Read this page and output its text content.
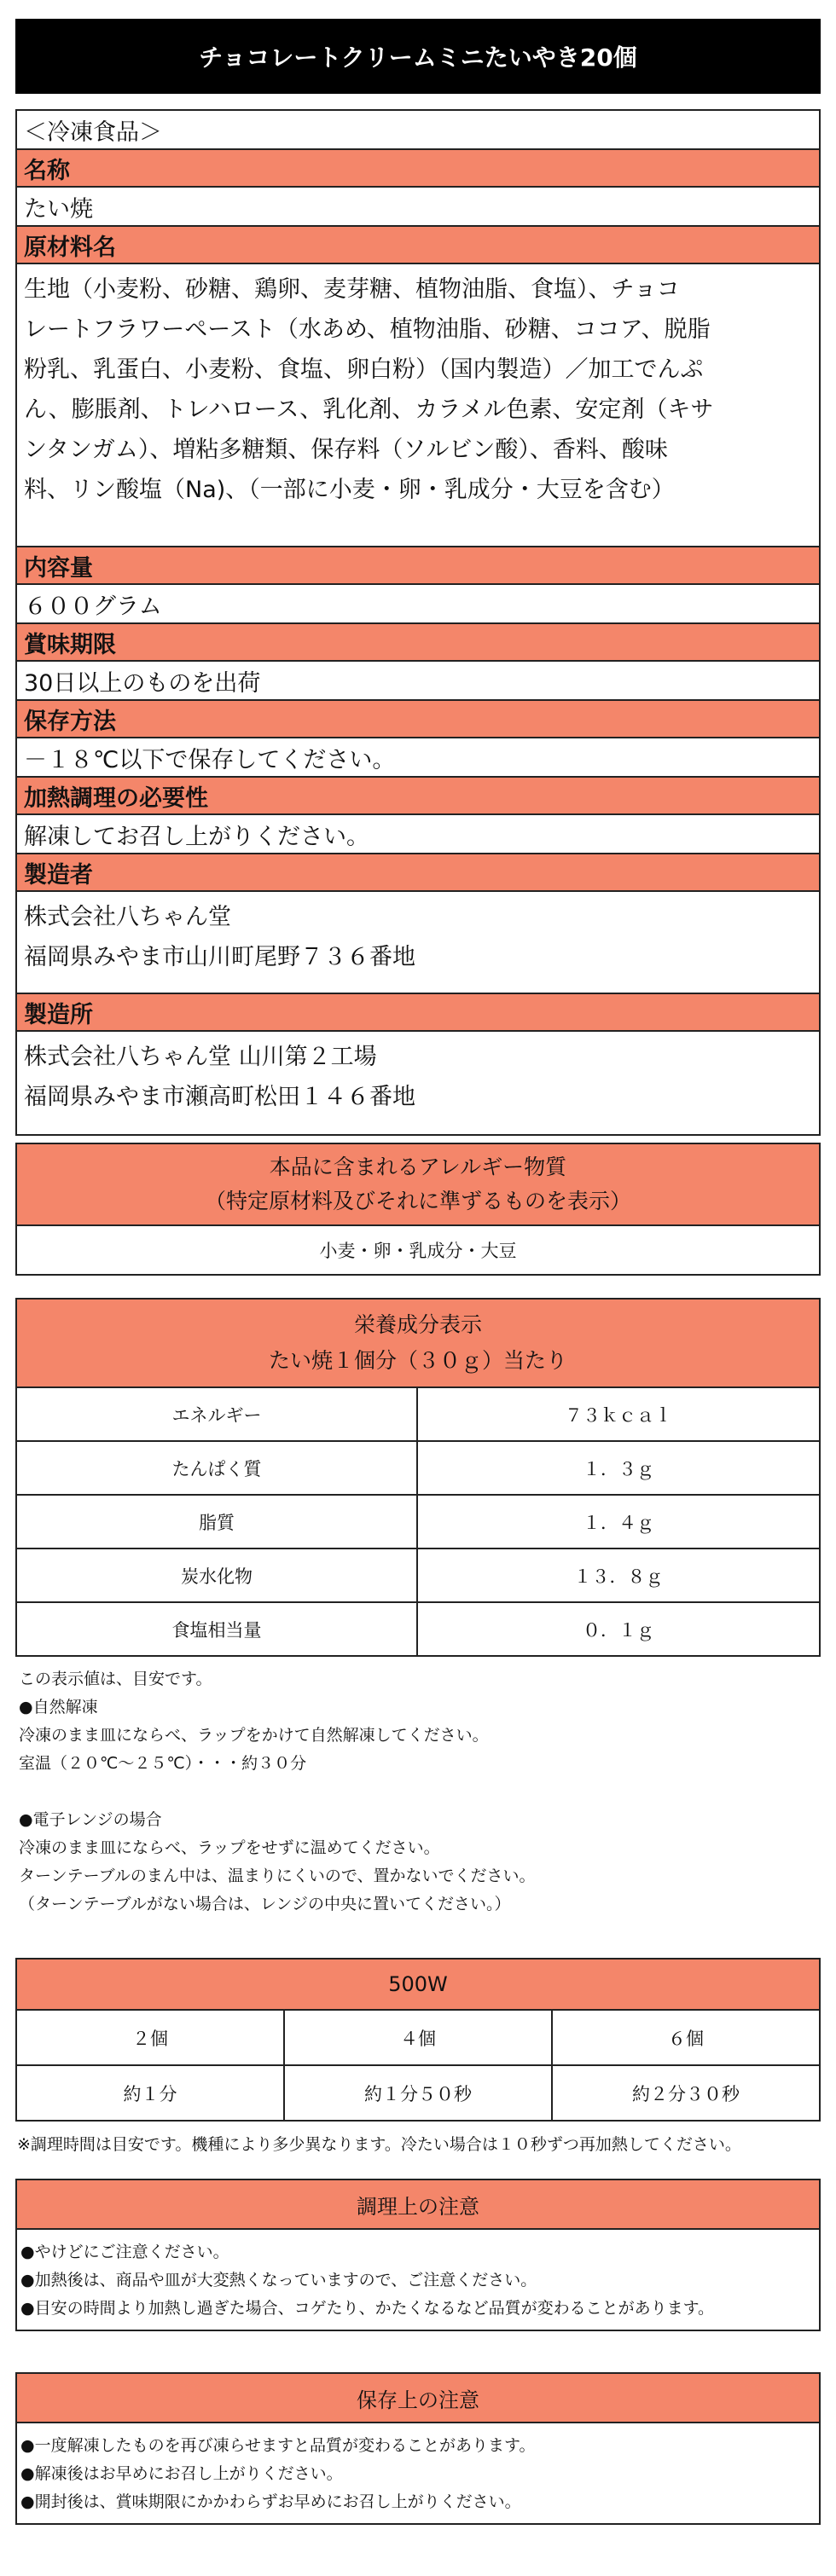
チョコレートクリームミニたいやき20個
＜冷凍食品＞
名称
たい焼
原材料名
生地（小麦粉、砂糖、鶏卵、麦芽糖、植物油脂、食塩）、チョコ
レートフラワーペースト（水あめ、植物油脂、砂糖、ココア、脱脂
粉乳、乳蛋白、小麦粉、食塩、卵白粉）（国内製造）／加工でんぷ
ん、膨脹剤、トレハロース、乳化剤、カラメル色素、安定剤（キサ
ンタンガム）、増粘多糖類、保存料（ソルビン酸）、香料、酸味
料、リン酸塩（Na)、（一部に小麦・卵・乳成分・大豆を含む）
内容量
６００グラム
賞味期限
30日以上のものを出荷
保存方法
－１８℃以下で保存してください。
加熱調理の必要性
解凍してお召し上がりください。
製造者
株式会社八ちゃん堂
福岡県みやま市山川町尾野７３６番地
製造所
株式会社八ちゃん堂 山川第２工場
福岡県みやま市瀬高町松田１４６番地
本品に含まれるアレルギー物質
（特定原材料及びそれに準ずるものを表示）
小麦・卵・乳成分・大豆
栄養成分表示
たい焼１個分（３０ｇ）当たり
エネルギー	７３ｋｃａｌ
たんぱく質	１．３ｇ
脂質	１．４ｇ
炭水化物	１３．８ｇ
食塩相当量	０．１ｇ
この表示値は、目安です。
●自然解凍
冷凍のまま皿にならべ、ラップをかけて自然解凍してください。
室温（２０℃～２５℃）・・・約３０分
●電子レンジの場合
冷凍のまま皿にならべ、ラップをせずに温めてください。
ターンテーブルのまん中は、温まりにくいので、置かないでください。
（ターンテーブルがない場合は、レンジの中央に置いてください。）
500W
２個	４個	６個
約１分	約１分５０秒	約２分３０秒
※調理時間は目安です。機種により多少異なります。冷たい場合は１０秒ずつ再加熱してください。
調理上の注意
●やけどにご注意ください。
●加熱後は、商品や皿が大変熱くなっていますので、ご注意ください。
●目安の時間より加熱し過ぎた場合、コゲたり、かたくなるなど品質が変わることがあります。
保存上の注意
●一度解凍したものを再び凍らせますと品質が変わることがあります。
●解凍後はお早めにお召し上がりください。
●開封後は、賞味期限にかかわらずお早めにお召し上がりください。
